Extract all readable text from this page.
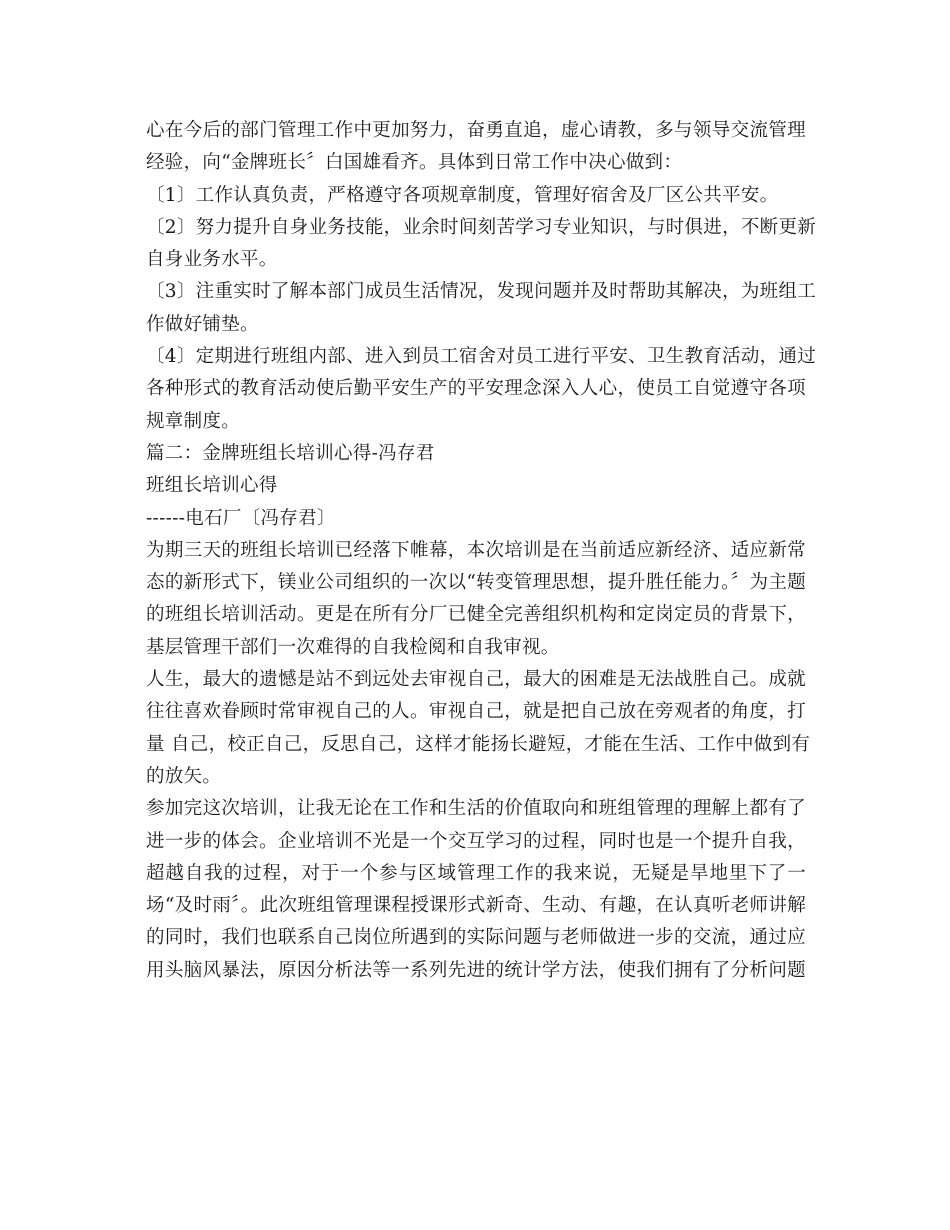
心在今后的部门管理工作中更加努力，奋勇直追，虚心请教，多与领导交流管理
经验，向“金牌班长〞白国雄看齐。具体到日常工作中决心做到：
〔1〕工作认真负责，严格遵守各项规章制度，管理好宿舍及厂区公共平安。
〔2〕努力提升自身业务技能，业余时间刻苦学习专业知识，与时俱进，不断更新
自身业务水平。
〔3〕注重实时了解本部门成员生活情况，发现问题并及时帮助其解决，为班组工
作做好铺垫。
〔4〕定期进行班组内部、进入到员工宿舍对员工进行平安、卫生教育活动，通过
各种形式的教育活动使后勤平安生产的平安理念深入人心，使员工自觉遵守各项
规章制度。
篇二：金牌班组长培训心得-冯存君
班组长培训心得
------电石厂〔冯存君〕
为期三天的班组长培训已经落下帷幕，本次培训是在当前适应新经济、适应新常
态的新形式下，镁业公司组织的一次以“转变管理思想，提升胜任能力。〞为主题
的班组长培训活动。更是在所有分厂已健全完善组织机构和定岗定员的背景下，
基层管理干部们一次难得的自我检阅和自我审视。
人生，最大的遗憾是站不到远处去审视自己，最大的困难是无法战胜自己。成就
往往喜欢眷顾时常审视自己的人。审视自己，就是把自己放在旁观者的角度，打
量 自己，校正自己，反思自己，这样才能扬长避短，才能在生活、工作中做到有
的放矢。
参加完这次培训，让我无论在工作和生活的价值取向和班组管理的理解上都有了
进一步的体会。企业培训不光是一个交互学习的过程，同时也是一个提升自我，
超越自我的过程，对于一个参与区域管理工作的我来说，无疑是旱地里下了一
场“及时雨〞。此次班组管理课程授课形式新奇、生动、有趣，在认真听老师讲解
的同时，我们也联系自己岗位所遇到的实际问题与老师做进一步的交流，通过应
用头脑风暴法，原因分析法等一系列先进的统计学方法，使我们拥有了分析问题
